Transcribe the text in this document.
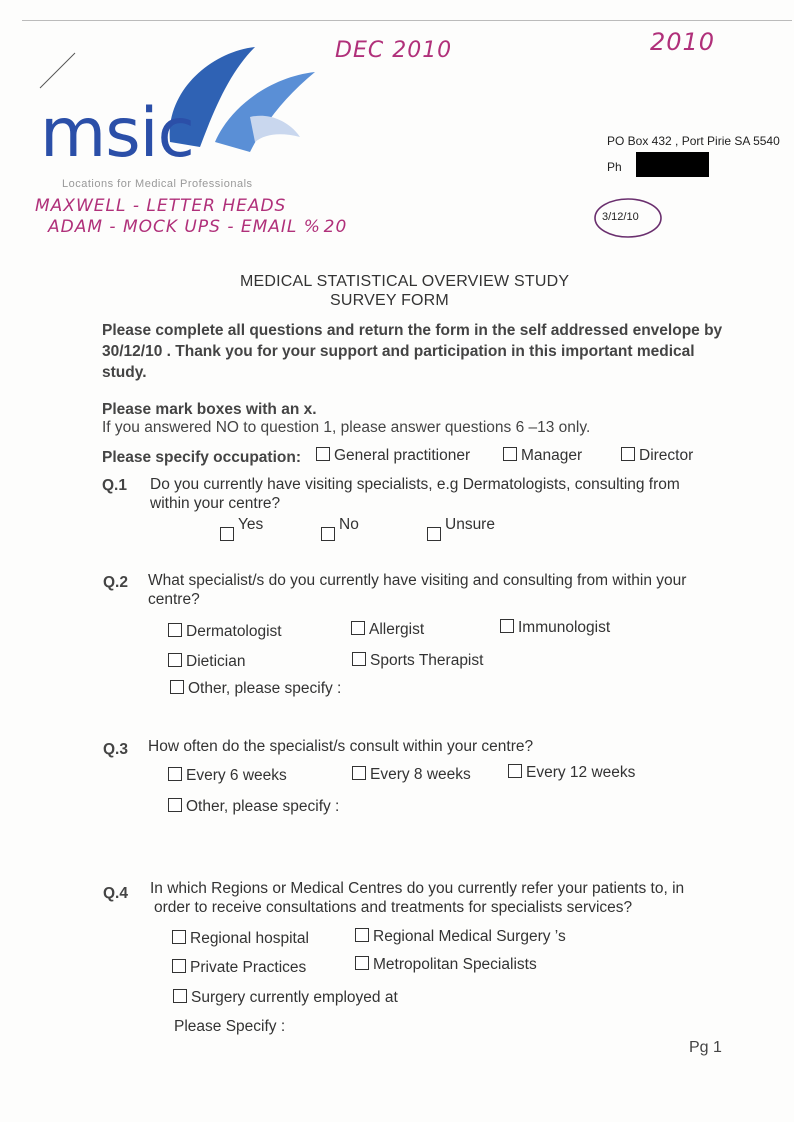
DEC 2010	2010
MAXWELL - LETTER HEADS
ADAM - MOCK UPS - EMAIL % 20
msic
Locations for Medical Professionals
PO Box 432 , Port Pirie SA 5540
Ph
3/12/10
MEDICAL STATISTICAL OVERVIEW STUDY
SURVEY FORM
Please complete all questions and return the form in the self addressed envelope by 30/12/10 . Thank you for your support and participation in this important medical study.
Please mark boxes with an x.
If you answered NO to question 1, please answer questions 6 –13 only.
Please specify occupation:	General practitioner	Manager	Director
Q.1 Do you currently have visiting specialists, e.g Dermatologists, consulting from within your centre?
Yes	No	Unsure
Q.2 What specialist/s do you currently have visiting and consulting from within your centre?
Dermatologist	Allergist	Immunologist
Dietician	Sports Therapist
Other, please specify :
Q.3 How often do the specialist/s consult within your centre?
Every 6 weeks	Every 8 weeks	Every 12 weeks
Other, please specify :
Q.4 In which Regions or Medical Centres do you currently refer your patients to, in
order to receive consultations and treatments for specialists services?
Regional hospital	Regional Medical Surgery ’s
Private Practices	Metropolitan Specialists
Surgery currently employed at
Please Specify :
Pg 1
